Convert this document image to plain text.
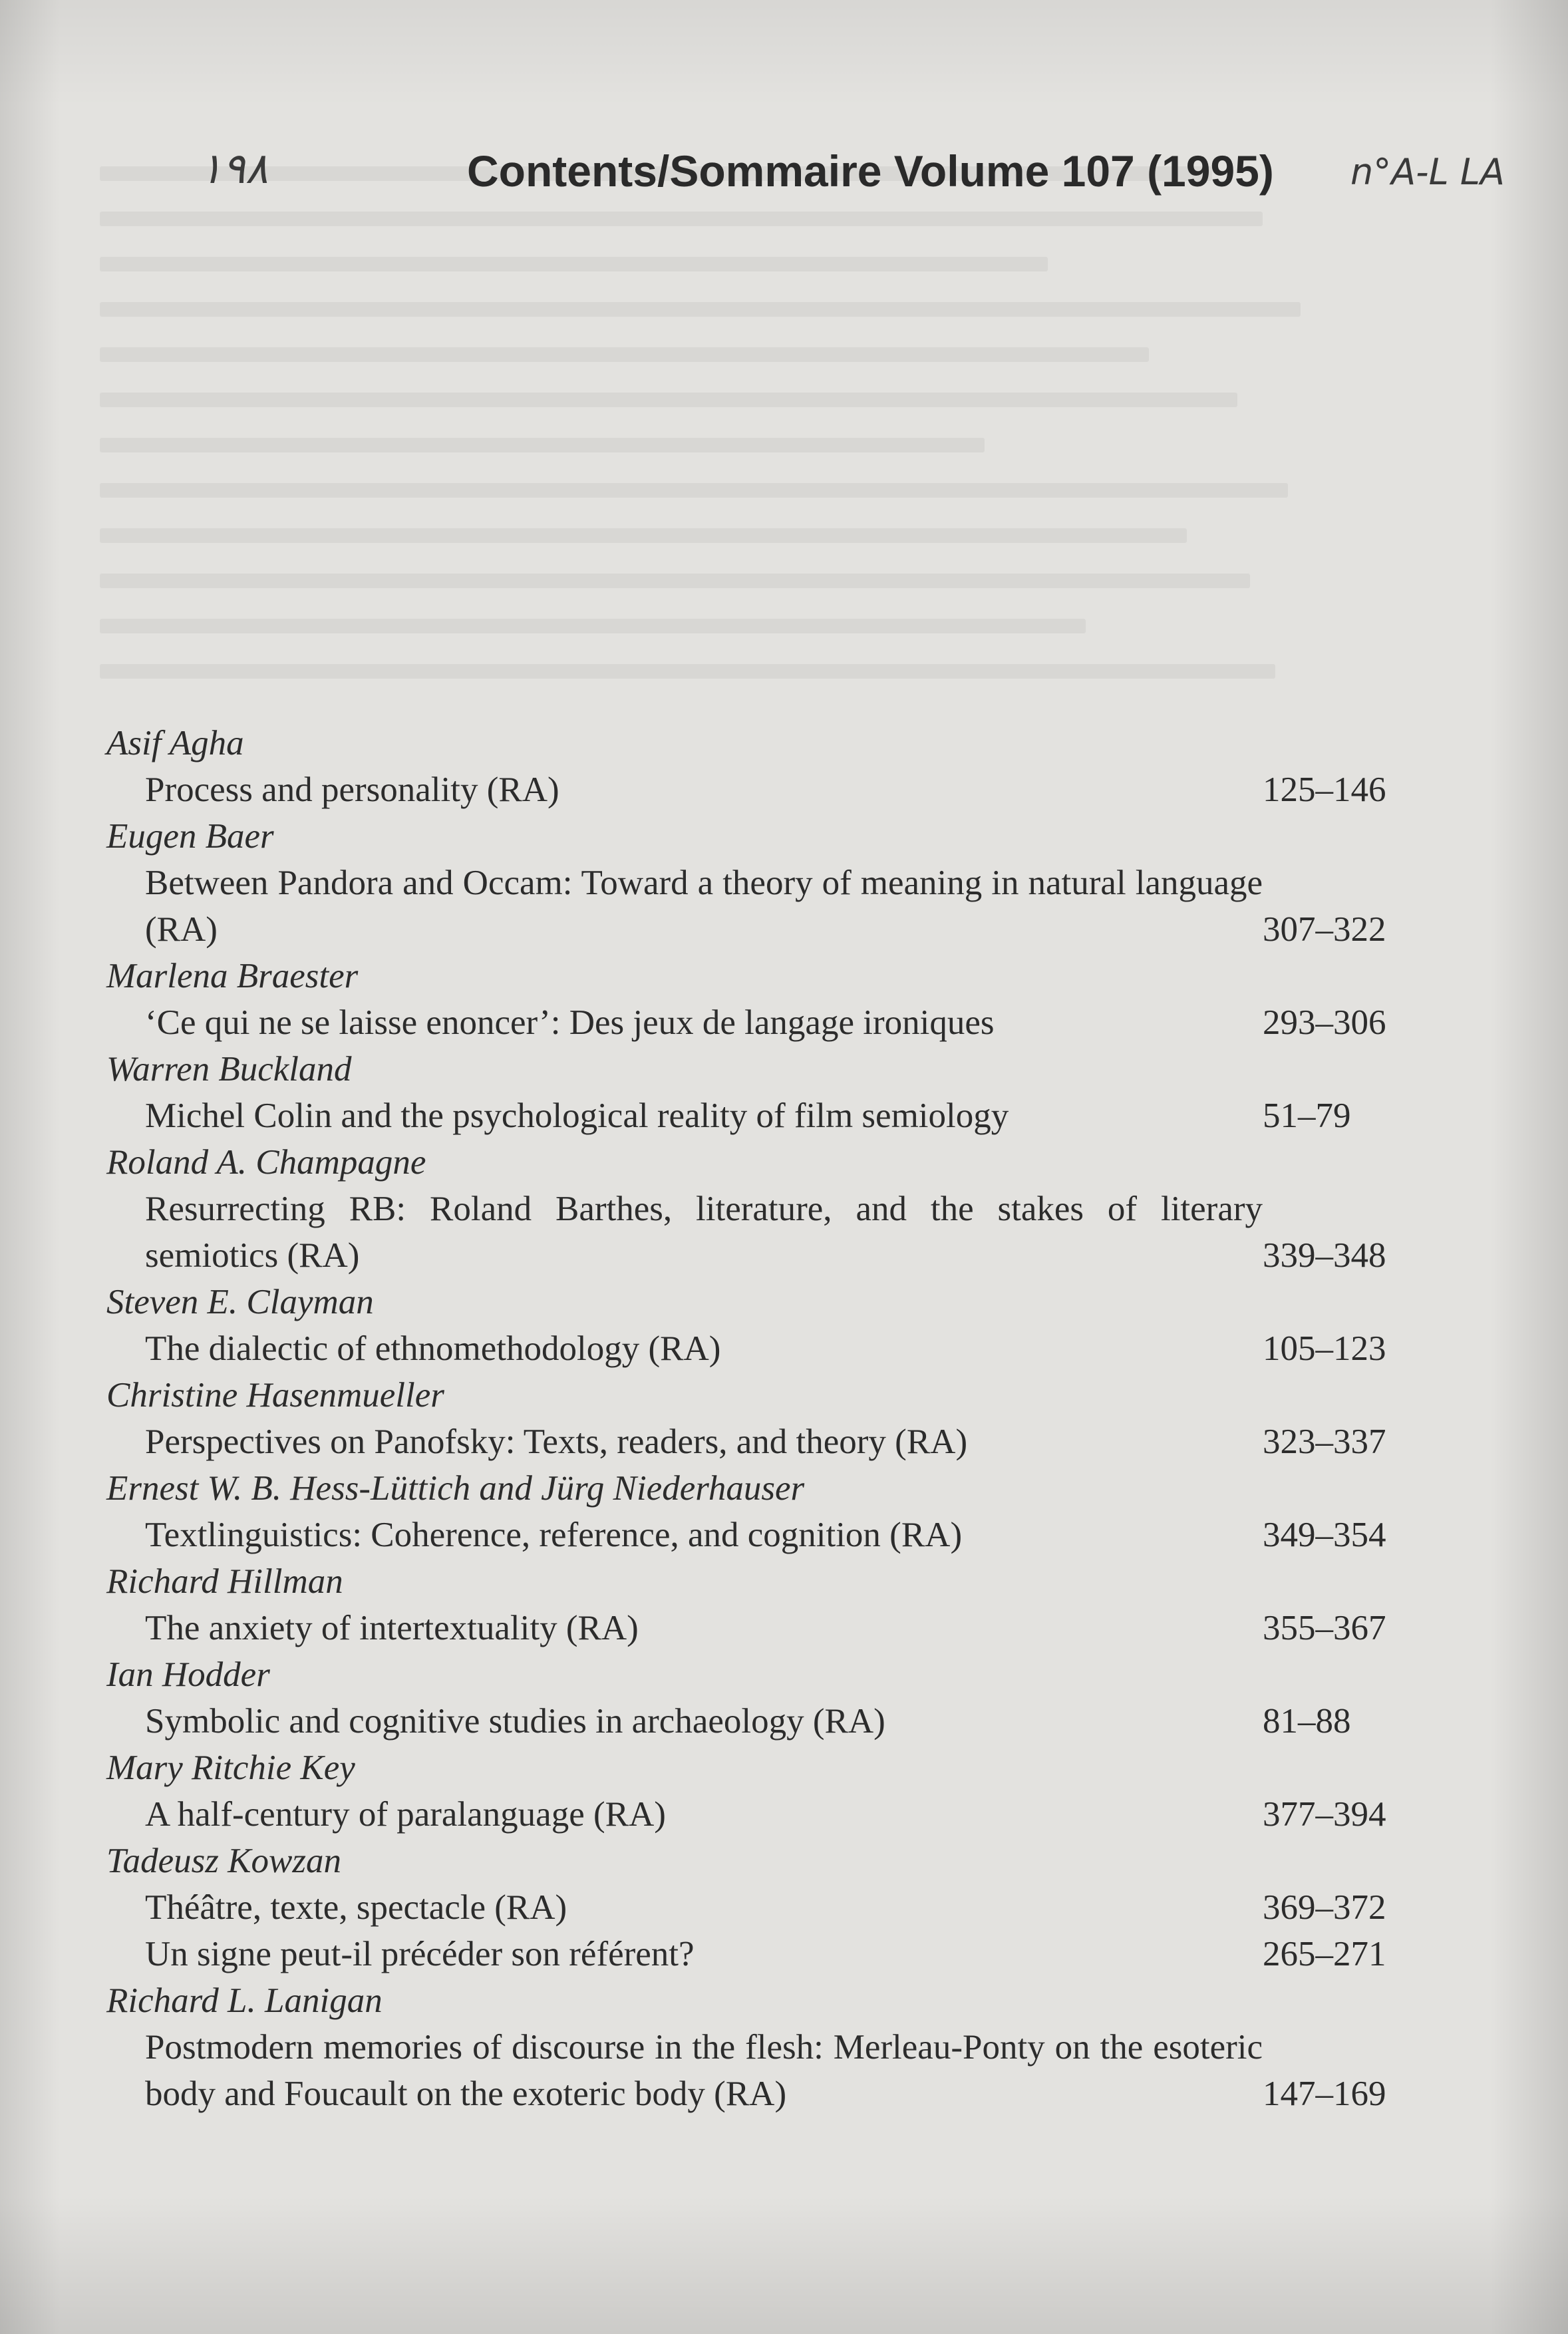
١٩٨	Contents/Sommaire Volume 107 (1995) n°A-L LA
Asif Agha
Process and personality (RA)	125–146
Eugen Baer
Between Pandora and Occam: Toward a theory of meaning in natural language (RA)	307–322
Marlena Braester
‘Ce qui ne se laisse enoncer’: Des jeux de langage ironiques	293–306
Warren Buckland
Michel Colin and the psychological reality of film semiology	51–79
Roland A. Champagne
Resurrecting RB: Roland Barthes, literature, and the stakes of literary semiotics (RA)	339–348
Steven E. Clayman
The dialectic of ethnomethodology (RA)	105–123
Christine Hasenmueller
Perspectives on Panofsky: Texts, readers, and theory (RA)	323–337
Ernest W. B. Hess-Lüttich and Jürg Niederhauser
Textlinguistics: Coherence, reference, and cognition (RA)	349–354
Richard Hillman
The anxiety of intertextuality (RA)	355–367
Ian Hodder
Symbolic and cognitive studies in archaeology (RA)	81–88
Mary Ritchie Key
A half-century of paralanguage (RA)	377–394
Tadeusz Kowzan
Théâtre, texte, spectacle (RA)	369–372
Un signe peut-il précéder son référent?	265–271
Richard L. Lanigan
Postmodern memories of discourse in the flesh: Merleau-Ponty on the esoteric body and Foucault on the exoteric body (RA)	147–169
